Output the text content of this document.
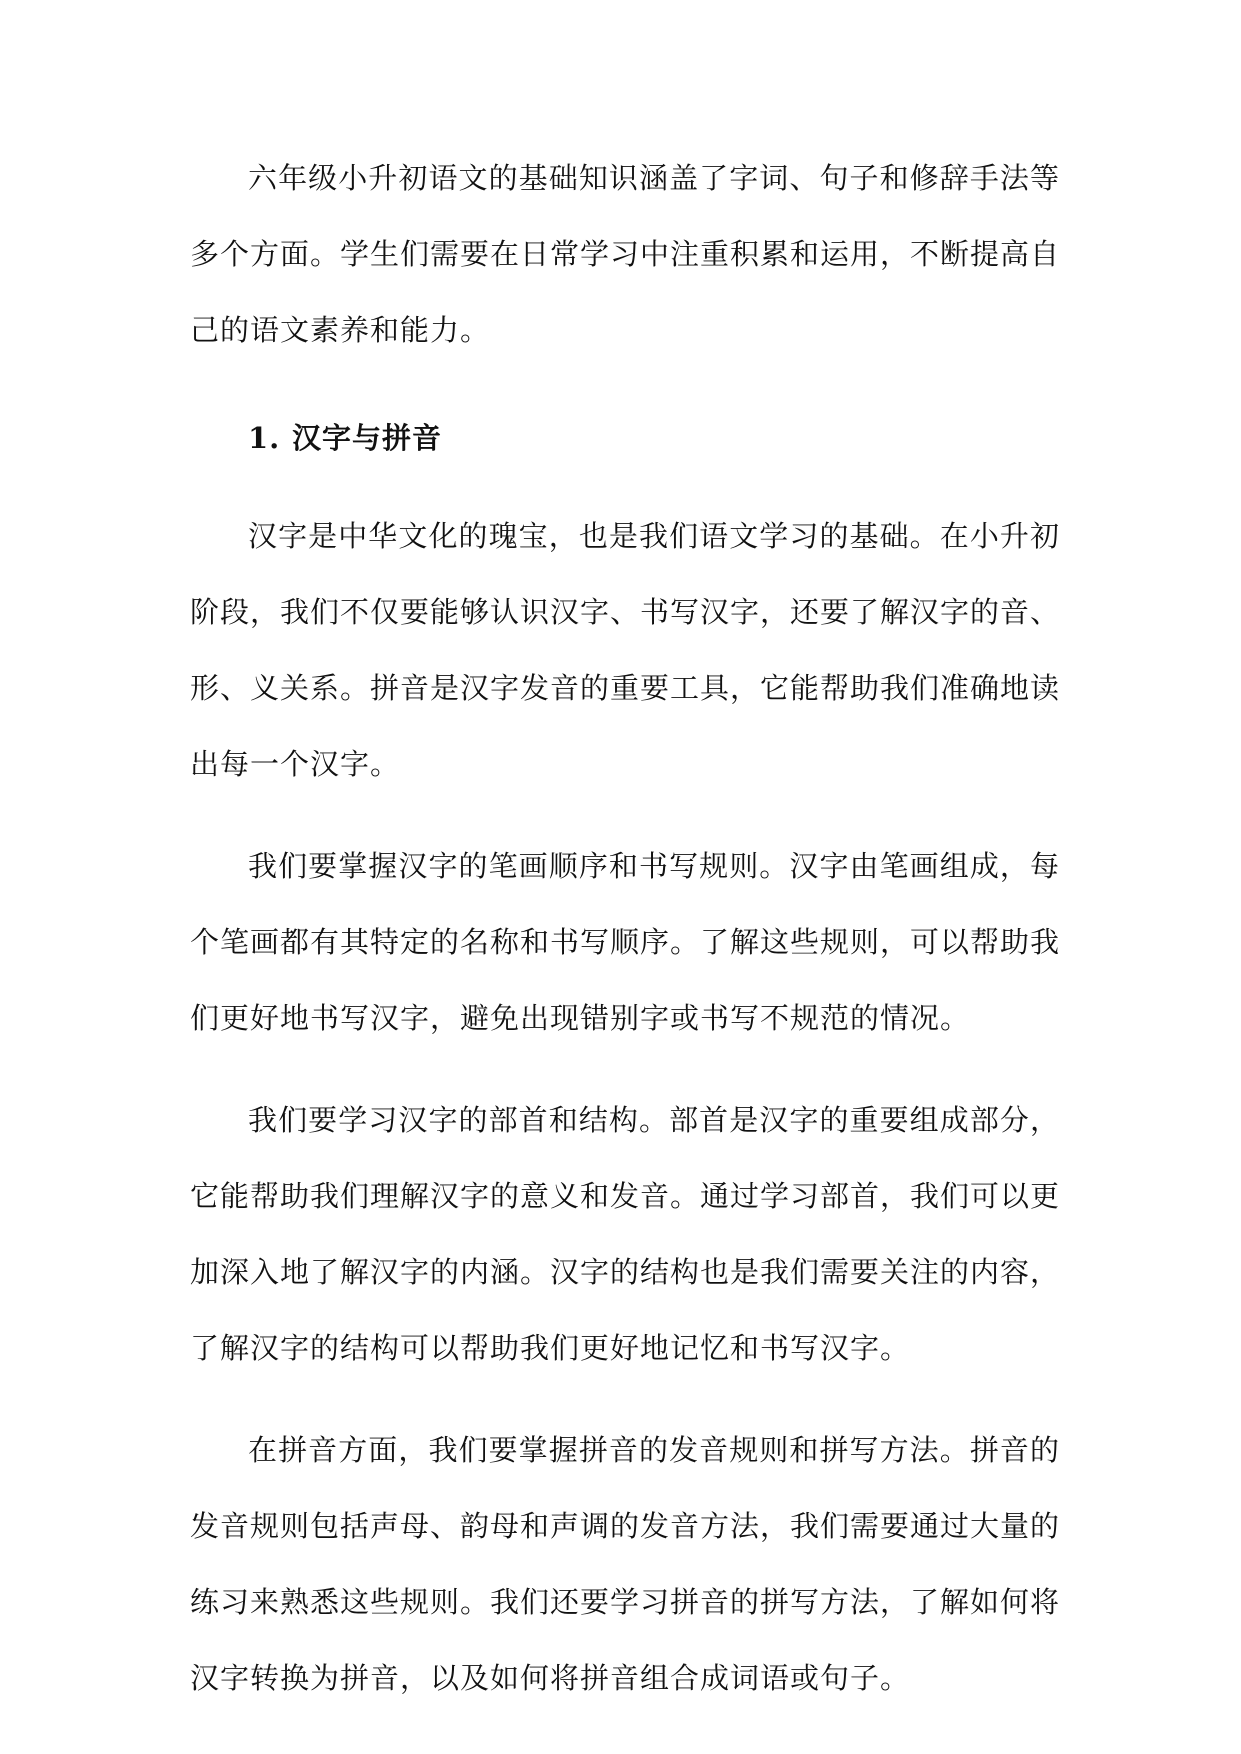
六年级小升初语文的基础知识涵盖了字词、句子和修辞手法等多个方面。学生们需要在日常学习中注重积累和运用，不断提高自己的语文素养和能力。

1. 汉字与拼音

汉字是中华文化的瑰宝，也是我们语文学习的基础。在小升初阶段，我们不仅要能够认识汉字、书写汉字，还要了解汉字的音、形、义关系。拼音是汉字发音的重要工具，它能帮助我们准确地读出每一个汉字。

我们要掌握汉字的笔画顺序和书写规则。汉字由笔画组成，每个笔画都有其特定的名称和书写顺序。了解这些规则，可以帮助我们更好地书写汉字，避免出现错别字或书写不规范的情况。

我们要学习汉字的部首和结构。部首是汉字的重要组成部分，它能帮助我们理解汉字的意义和发音。通过学习部首，我们可以更加深入地了解汉字的内涵。汉字的结构也是我们需要关注的内容，了解汉字的结构可以帮助我们更好地记忆和书写汉字。

在拼音方面，我们要掌握拼音的发音规则和拼写方法。拼音的发音规则包括声母、韵母和声调的发音方法，我们需要通过大量的练习来熟悉这些规则。我们还要学习拼音的拼写方法，了解如何将汉字转换为拼音，以及如何将拼音组合成词语或句子。
